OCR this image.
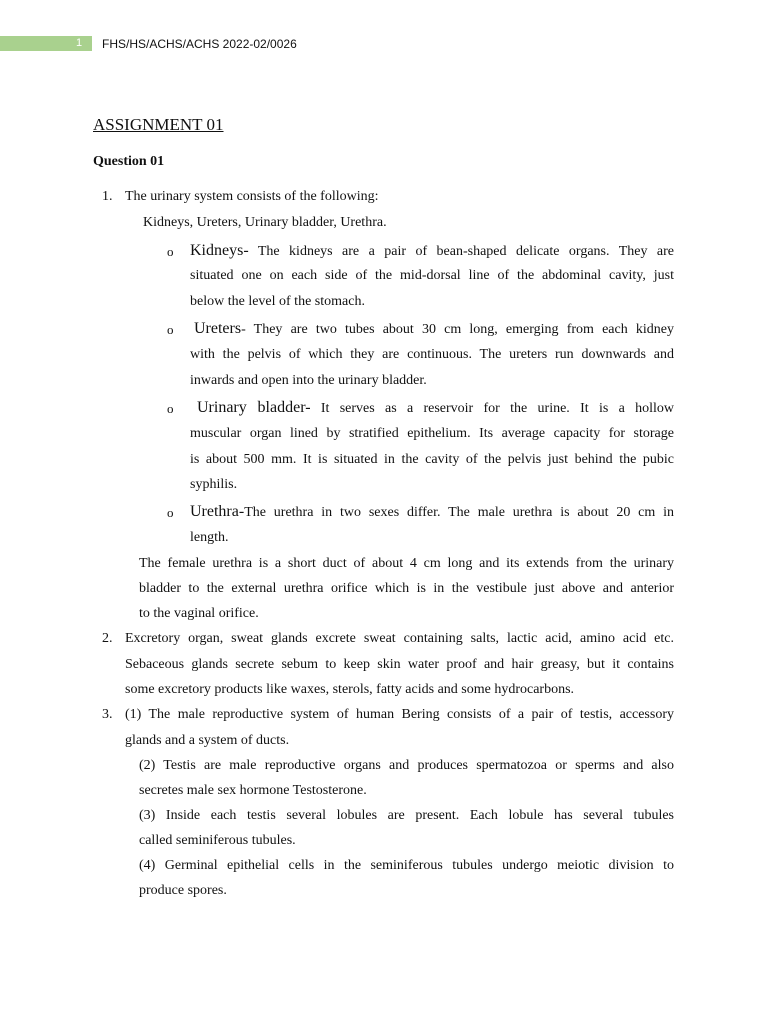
1	FHS/HS/ACHS/ACHS 2022-02/0026
ASSIGNMENT 01
Question 01
1. The urinary system consists of the following:
Kidneys, Ureters, Urinary bladder, Urethra.
o Kidneys- The kidneys are a pair of bean-shaped delicate organs. They are
situated one on each side of the mid-dorsal line of the abdominal cavity, just
below the level of the stomach.
o Ureters- They are two tubes about 30 cm long, emerging from each kidney
with the pelvis of which they are continuous. The ureters run downwards and
inwards and open into the urinary bladder.
o Urinary bladder- It serves as a reservoir for the urine. It is a hollow
muscular organ lined by stratified epithelium. Its average capacity for storage
is about 500 mm. It is situated in the cavity of the pelvis just behind the pubic
syphilis.
o Urethra-The urethra in two sexes differ. The male urethra is about 20 cm in
length.
The female urethra is a short duct of about 4 cm long and its extends from the urinary
bladder to the external urethra orifice which is in the vestibule just above and anterior
to the vaginal orifice.
2. Excretory organ, sweat glands excrete sweat containing salts, lactic acid, amino acid etc.
Sebaceous glands secrete sebum to keep skin water proof and hair greasy, but it contains
some excretory products like waxes, sterols, fatty acids and some hydrocarbons.
3. (1) The male reproductive system of human Bering consists of a pair of testis, accessory
glands and a system of ducts.
(2) Testis are male reproductive organs and produces spermatozoa or sperms and also
secretes male sex hormone Testosterone.
(3) Inside each testis several lobules are present. Each lobule has several tubules
called seminiferous tubules.
(4) Germinal epithelial cells in the seminiferous tubules undergo meiotic division to
produce spores.
